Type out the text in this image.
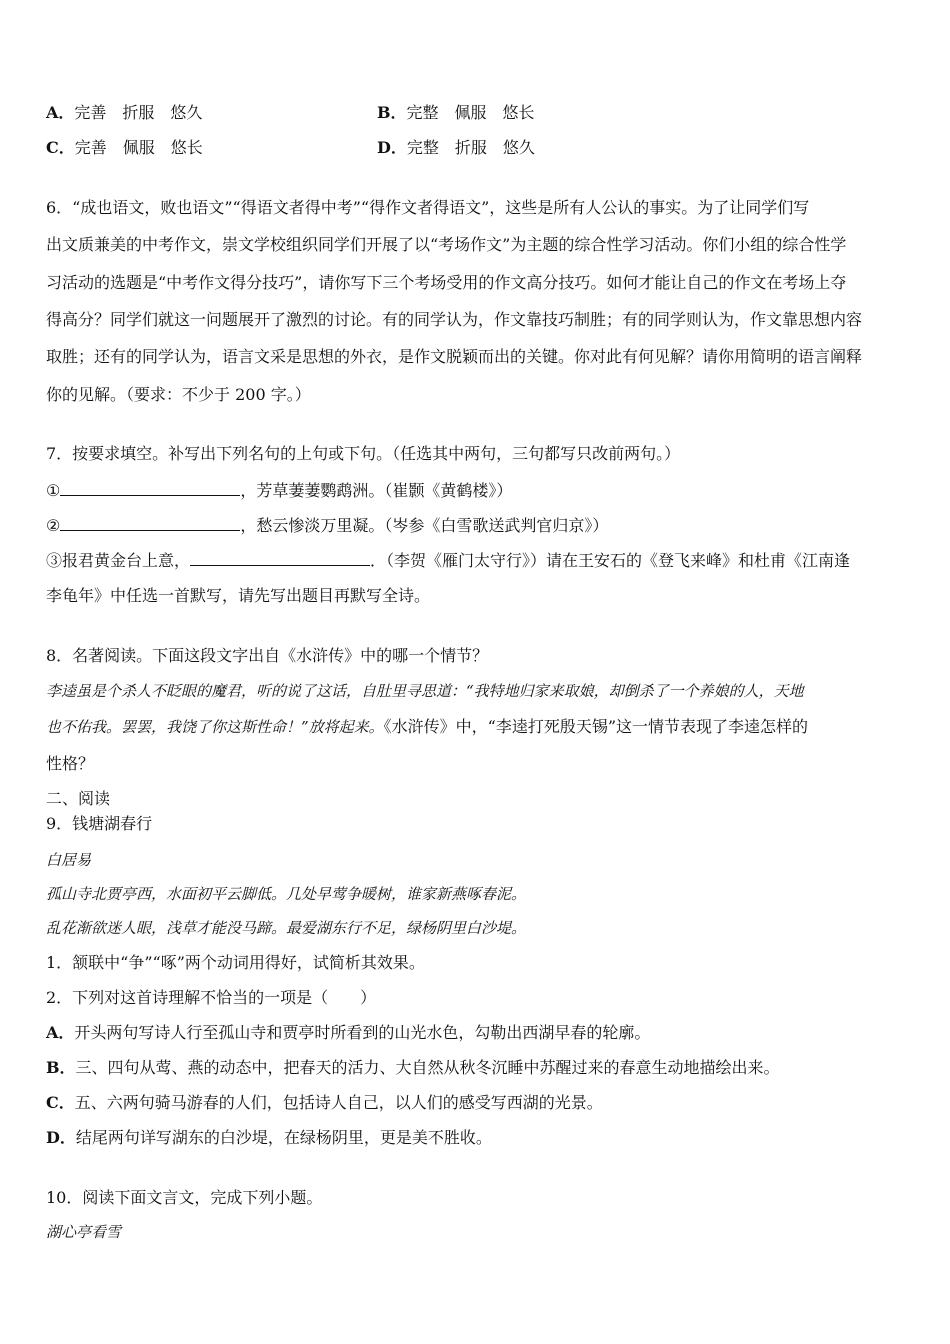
A．完善　折服　悠久	B．完整　佩服　悠长
C．完善　佩服　悠长	D．完整　折服　悠久
6．“成也语文，败也语文”“得语文者得中考”“得作文者得语文”，这些是所有人公认的事实。为了让同学们写
出文质兼美的中考作文，崇文学校组织同学们开展了以“考场作文”为主题的综合性学习活动。你们小组的综合性学
习活动的选题是“中考作文得分技巧”，请你写下三个考场受用的作文高分技巧。如何才能让自己的作文在考场上夺
得高分？同学们就这一问题展开了激烈的讨论。有的同学认为，作文靠技巧制胜；有的同学则认为，作文靠思想内容
取胜；还有的同学认为，语言文采是思想的外衣，是作文脱颖而出的关键。你对此有何见解？请你用简明的语言阐释
你的见解。（要求：不少于 200 字。）
7．按要求填空。补写出下列名句的上句或下句。（任选其中两句，三句都写只改前两句。）
①	，芳草萋萋鹦鹉洲。（崔颢《黄鹤楼》）
②	，愁云惨淡万里凝。（岑参《白雪歌送武判官归京》）
③报君黄金台上意，	．（李贺《雁门太守行》）请在王安石的《登飞来峰》和杜甫《江南逢
李龟年》中任选一首默写，请先写出题目再默写全诗。
8．名著阅读。下面这段文字出自《水浒传》中的哪一个情节？
李逵虽是个杀人不眨眼的魔君，听的说了这话，自肚里寻思道：“我特地归家来取娘，却倒杀了一个养娘的人，天地
也不佑我。罢罢，我饶了你这斯性命！”放将起来。《水浒传》中，“李逵打死殷天锡”这一情节表现了李逵怎样的
性格？
二、阅读
9．钱塘湖春行
白居易
孤山寺北贾亭西，水面初平云脚低。几处早莺争暖树，谁家新燕啄春泥。
乱花渐欲迷人眼，浅草才能没马蹄。最爱湖东行不足，绿杨阴里白沙堤。
1．颔联中“争”“啄”两个动词用得好，试简析其效果。
2．下列对这首诗理解不恰当的一项是（　　）
A．开头两句写诗人行至孤山寺和贾亭时所看到的山光水色，勾勒出西湖早春的轮廓。
B．三、四句从莺、燕的动态中，把春天的活力、大自然从秋冬沉睡中苏醒过来的春意生动地描绘出来。
C．五、六两句骑马游春的人们，包括诗人自己，以人们的感受写西湖的光景。
D．结尾两句详写湖东的白沙堤，在绿杨阴里，更是美不胜收。
10．阅读下面文言文，完成下列小题。
湖心亭看雪
